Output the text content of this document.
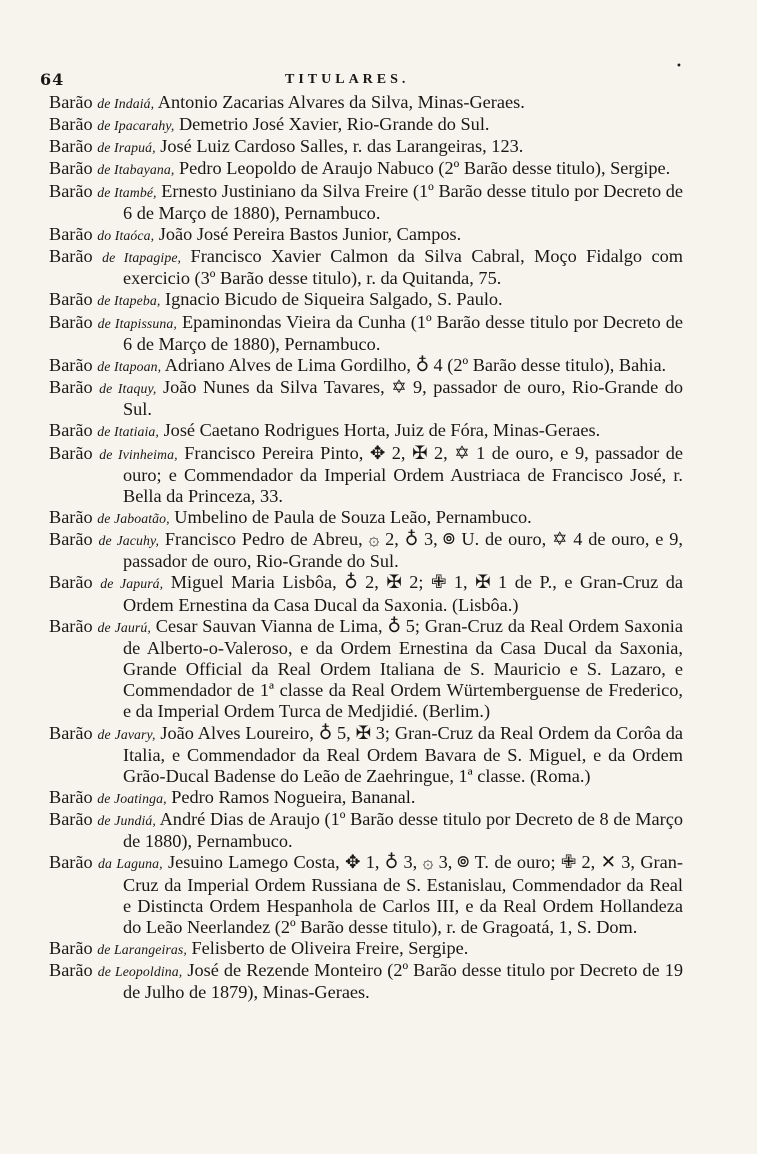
•
64	TITULARES.

Barão de Indaiá, Antonio Zacarias Alvares da Silva, Minas-Geraes.

Barão de Ipacarahy, Demetrio José Xavier, Rio-Grande do Sul.

Barão de Irapuá, José Luiz Cardoso Salles, r. das Larangeiras, 123.

Barão de Itabayana, Pedro Leopoldo de Araujo Nabuco (2º Barão desse titulo), Sergipe.

Barão de Itambé, Ernesto Justiniano da Silva Freire (1º Barão desse titulo por Decreto de 6 de Março de 1880), Pernambuco.

Barão do Itaóca, João José Pereira Bastos Junior, Campos.

Barão de Itapagipe, Francisco Xavier Calmon da Silva Cabral, Moço Fidalgo com exercicio (3º Barão desse titulo), r. da Quitanda, 75.

Barão de Itapeba, Ignacio Bicudo de Siqueira Salgado, S. Paulo.

Barão de Itapissuna, Epaminondas Vieira da Cunha (1º Barão desse titulo por Decreto de 6 de Março de 1880), Pernambuco.

Barão de Itapoan, Adriano Alves de Lima Gordilho, ♁ 4 (2º Barão desse titulo), Bahia.

Barão de Itaquy, João Nunes da Silva Tavares, ✡ 9, passador de ouro, Rio-Grande do Sul.

Barão de Itatiaia, José Caetano Rodrigues Horta, Juiz de Fóra, Minas-Geraes.

Barão de Ivinheima, Francisco Pereira Pinto, ✥ 2, ✠ 2, ✡ 1 de ouro, e 9, passador de ouro; e Commendador da Imperial Ordem Austriaca de Francisco José, r. Bella da Princeza, 33.

Barão de Jaboatão, Umbelino de Paula de Souza Leão, Pernambuco.

Barão de Jacuhy, Francisco Pedro de Abreu, ۞ 2, ♁ 3, ◎ U. de ouro, ✡ 4 de ouro, e 9, passador de ouro, Rio-Grande do Sul.

Barão de Japurá, Miguel Maria Lisbôa, ♁ 2, ✠ 2; ✙ 1, ✠ 1 de P., e Gran-Cruz da Ordem Ernestina da Casa Ducal da Saxonia. (Lisbôa.)

Barão de Jaurú, Cesar Sauvan Vianna de Lima, ♁ 5; Gran-Cruz da Real Ordem Saxonia de Alberto-o-Valeroso, e da Ordem Ernestina da Casa Ducal da Saxonia, Grande Official da Real Ordem Italiana de S. Mauricio e S. Lazaro, e Commendador de 1ª classe da Real Ordem Würtemberguense de Frederico, e da Imperial Ordem Turca de Medjidié. (Berlim.)

Barão de Javary, João Alves Loureiro, ♁ 5, ✠ 3; Gran-Cruz da Real Ordem da Corôa da Italia, e Commendador da Real Ordem Bavara de S. Miguel, e da Ordem Grão-Ducal Badense do Leão de Zaehringue, 1ª classe. (Roma.)

Barão de Joatinga, Pedro Ramos Nogueira, Bananal.

Barão de Jundiá, André Dias de Araujo (1º Barão desse titulo por Decreto de 8 de Março de 1880), Pernambuco.

Barão da Laguna, Jesuino Lamego Costa, ✥ 1, ♁ 3, ۞ 3, ◎ T. de ouro; ✙ 2, ✕ 3, Gran-Cruz da Imperial Ordem Russiana de S. Estanislau, Commendador da Real e Distincta Ordem Hespanhola de Carlos III, e da Real Ordem Hollandeza do Leão Neerlandez (2º Barão desse titulo), r. de Gragoatá, 1, S. Dom.

Barão de Larangeiras, Felisberto de Oliveira Freire, Sergipe.

Barão de Leopoldina, José de Rezende Monteiro (2º Barão desse titulo por Decreto de 19 de Julho de 1879), Minas-Geraes.
